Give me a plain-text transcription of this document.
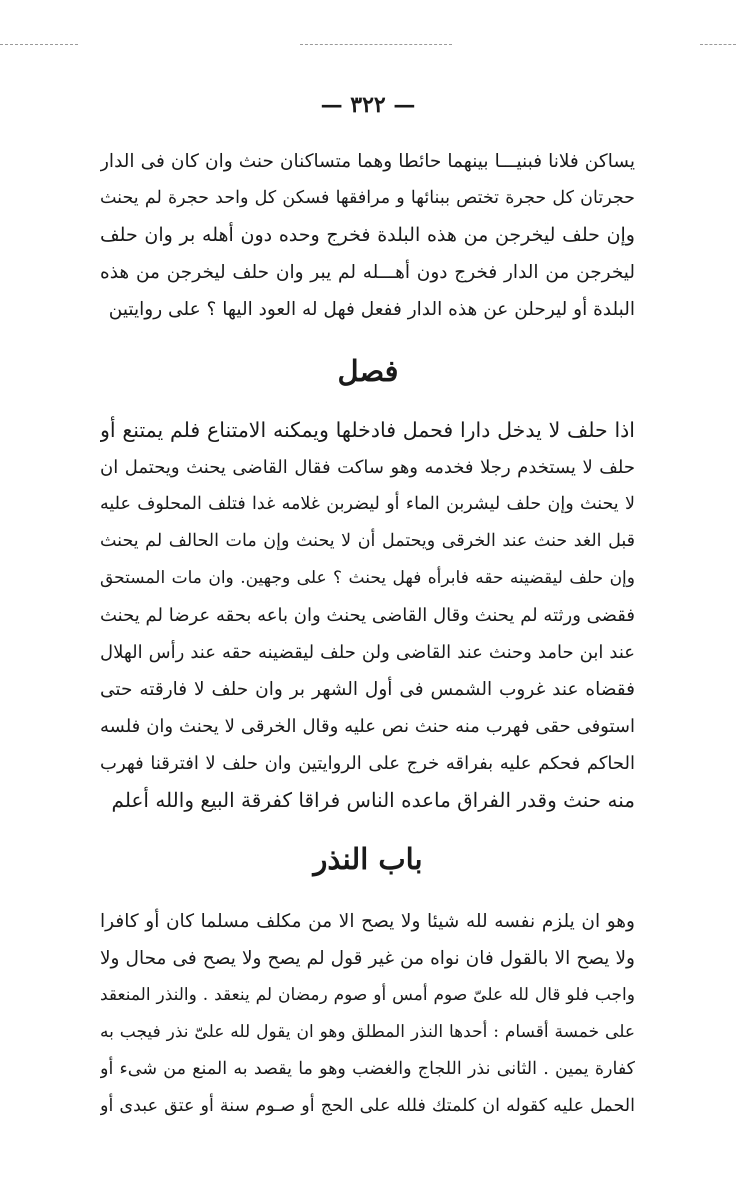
— ٣٢٢ —
يساكن فلانا فبنيـــا بينهما حائطا وهما متساكنان حنث وان كان فى الدار
حجرتان كل حجرة تختص ببنائها و مرافقها فسكن كل واحد حجرة لم يحنث
وإن حلف ليخرجن من هذه البلدة فخرج وحده دون أهله بر وان حلف
ليخرجن من الدار فخرج دون أهـــله لم يبر وان حلف ليخرجن من هذه
البلدة أو ليرحلن عن هذه الدار ففعل فهل له العود اليها ؟ على روايتين
فصل
اذا حلف لا يدخل دارا فحمل فادخلها ويمكنه الامتناع فلم يمتنع أو
حلف لا يستخدم رجلا فخدمه وهو ساكت فقال القاضى يحنث ويحتمل ان
لا يحنث وإن حلف ليشربن الماء أو ليضربن غلامه غدا فتلف المحلوف عليه
قبل الغد حنث عند الخرقى ويحتمل أن لا يحنث وإن مات الحالف لم يحنث
وإن حلف ليقضينه حقه فابرأه فهل يحنث ؟ على وجهين. وان مات المستحق
فقضى ورثته لم يحنث وقال القاضى يحنث وان باعه بحقه عرضا لم يحنث
عند ابن حامد وحنث عند القاضى ولن حلف ليقضينه حقه عند رأس الهلال
فقضاه عند غروب الشمس فى أول الشهر بر وان حلف لا فارقته حتى
استوفى حقى فهرب منه حنث نص عليه وقال الخرقى لا يحنث وان فلسه
الحاكم فحكم عليه بفراقه خرج على الروايتين وان حلف لا افترقنا فهرب
منه حنث وقدر الفراق ماعده الناس فراقا كفرقة البيع والله أعلم
باب النذر
وهو ان يلزم نفسه لله شيئا ولا يصح الا من مكلف مسلما كان أو كافرا
ولا يصح الا بالقول فان نواه من غير قول لم يصح ولا يصح فى محال ولا
واجب فلو قال لله علىّ صوم أمس أو صوم رمضان لم ينعقد . والنذر المنعقد
على خمسة أقسام : أحدها النذر المطلق وهو ان يقول لله علىّ نذر فيجب به
كفارة يمين . الثانى نذر اللجاج والغضب وهو ما يقصد به المنع من شىء أو
الحمل عليه كقوله ان كلمتك فلله على الحج أو صـوم سنة أو عتق عبدى أو
